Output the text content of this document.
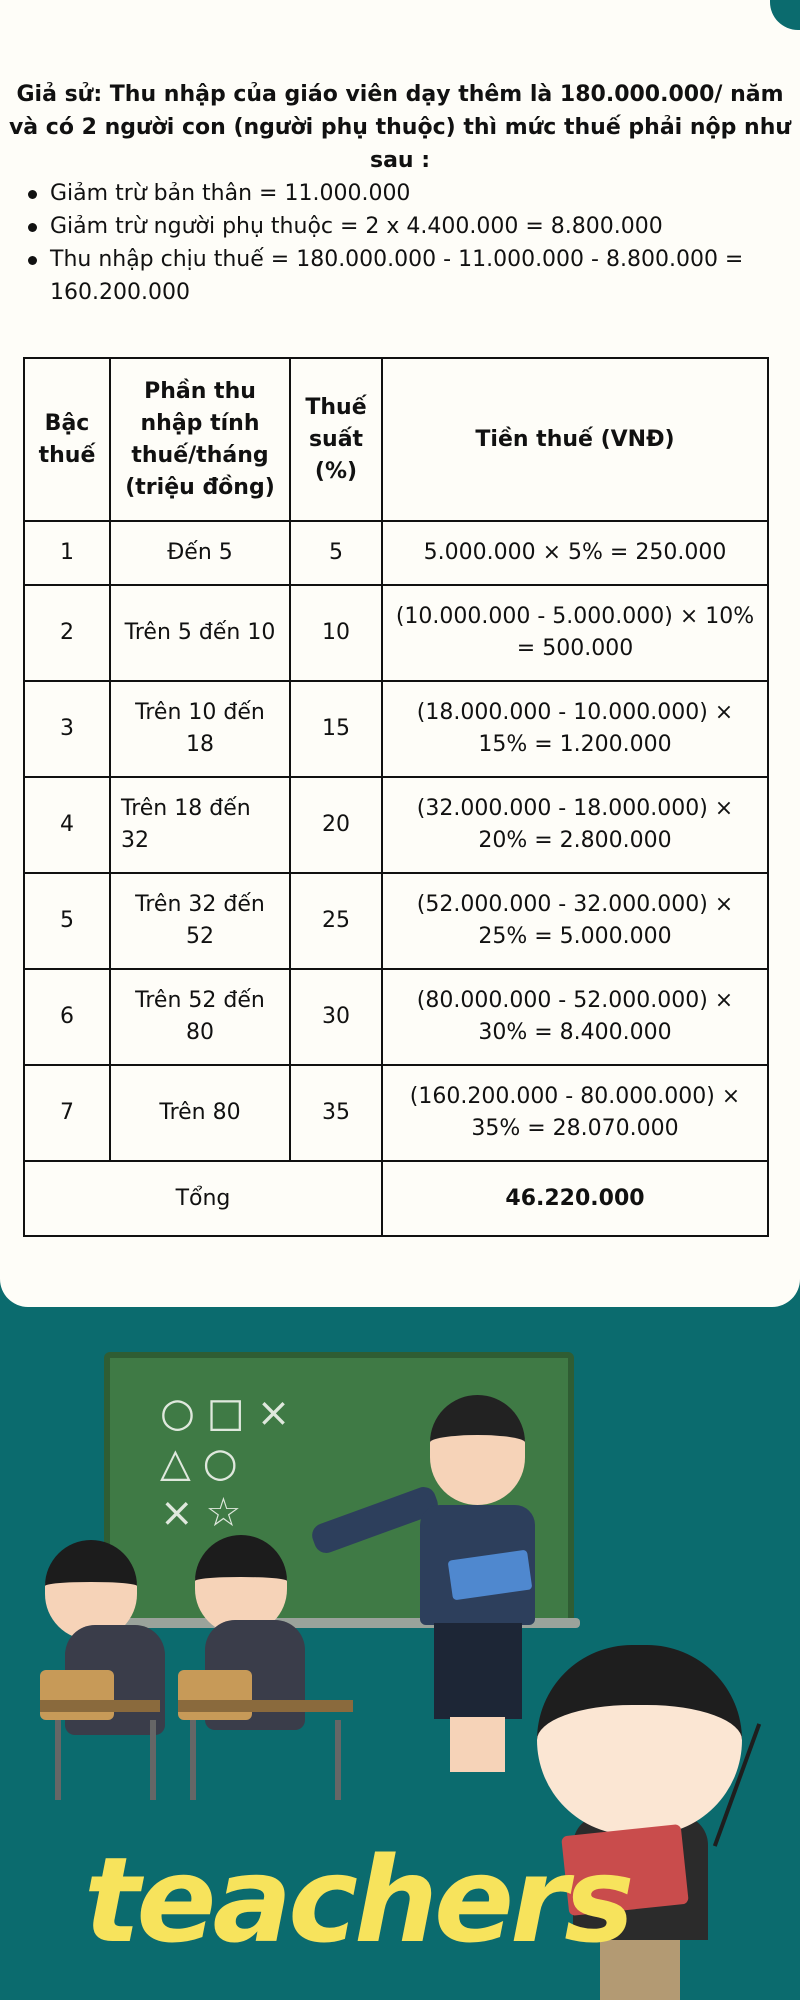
Giả sử: Thu nhập của giáo viên dạy thêm là 180.000.000/ năm và có 2 người con (người phụ thuộc) thì mức thuế phải nộp như sau :

Giảm trừ bản thân = 11.000.000
Giảm trừ người phụ thuộc = 2 x 4.400.000 = 8.800.000
Thu nhập chịu thuế = 180.000.000 - 11.000.000 - 8.800.000 = 160.200.000
Bậc thuế	Phần thu nhập tính thuế/tháng (triệu đồng)	Thuế suất (%)	Tiền thuế (VNĐ)
1	Đến 5	5	5.000.000 × 5% = 250.000
2	Trên 5 đến 10	10	(10.000.000 - 5.000.000) × 10% = 500.000
3	Trên 10 đến 18	15	(18.000.000 - 10.000.000) × 15% = 1.200.000
4	Trên 18 đến 32	20	(32.000.000 - 18.000.000) × 20% = 2.800.000
5	Trên 32 đến 52	25	(52.000.000 - 32.000.000) × 25% = 5.000.000
6	Trên 52 đến 80	30	(80.000.000 - 52.000.000) × 30% = 8.400.000
7	Trên 80	35	(160.200.000 - 80.000.000) × 35% = 28.070.000
Tổng			46.220.000
○□×
△○
×☆
teachers
